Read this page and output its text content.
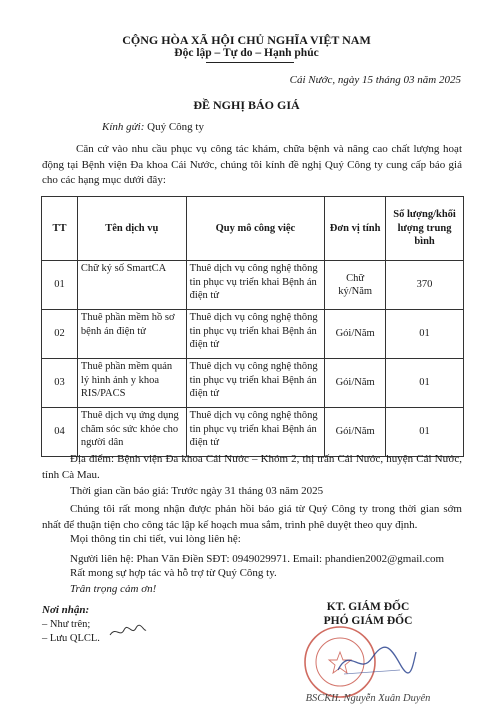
CỘNG HÒA XÃ HỘI CHỦ NGHĨA VIỆT NAM
Độc lập – Tự do – Hạnh phúc
Cái Nước, ngày 15 tháng 03 năm 2025
ĐỀ NGHỊ BÁO GIÁ
Kính gửi: Quý Công ty
Căn cứ vào nhu cầu phục vụ công tác khám, chữa bệnh và nâng cao chất lượng hoạt động tại Bệnh viện Đa khoa Cái Nước, chúng tôi kính đề nghị Quý Công ty cung cấp báo giá cho các hạng mục dưới đây:
TT	Tên dịch vụ	Quy mô công việc	Đơn vị tính	Số lượng/khối lượng trung bình
01	Chữ ký số SmartCA	Thuê dịch vụ công nghệ thông tin phục vụ triển khai Bệnh án điện tử	Chữ ký/Năm	370
02	Thuê phần mềm hồ sơ bệnh án điện tử	Thuê dịch vụ công nghệ thông tin phục vụ triển khai Bệnh án điện tử	Gói/Năm	01
03	Thuê phần mềm quản lý hình ảnh y khoa RIS/PACS	Thuê dịch vụ công nghệ thông tin phục vụ triển khai Bệnh án điện tử	Gói/Năm	01
04	Thuê dịch vụ ứng dụng chăm sóc sức khỏe cho người dân	Thuê dịch vụ công nghệ thông tin phục vụ triển khai Bệnh án điện tử	Gói/Năm	01
Địa điểm: Bệnh viện Đa khoa Cái Nước – Khóm 2, thị trấn Cái Nước, huyện Cái Nước, tỉnh Cà Mau.
Thời gian cần báo giá: Trước ngày 31 tháng 03 năm 2025
Chúng tôi rất mong nhận được phản hồi báo giá từ Quý Công ty trong thời gian sớm nhất để thuận tiện cho công tác lập kế hoạch mua sắm, trình phê duyệt theo quy định.
Mọi thông tin chi tiết, vui lòng liên hệ:
Người liên hệ: Phan Văn Điền SĐT: 0949029971. Email: phandien2002@gmail.com
Rất mong sự hợp tác và hỗ trợ từ Quý Công ty.
Trân trọng cảm ơn!
Nơi nhận:
– Như trên;
– Lưu QLCL.
KT. GIÁM ĐỐC
PHÓ GIÁM ĐỐC
BSCKII. Nguyễn Xuân Duyên
